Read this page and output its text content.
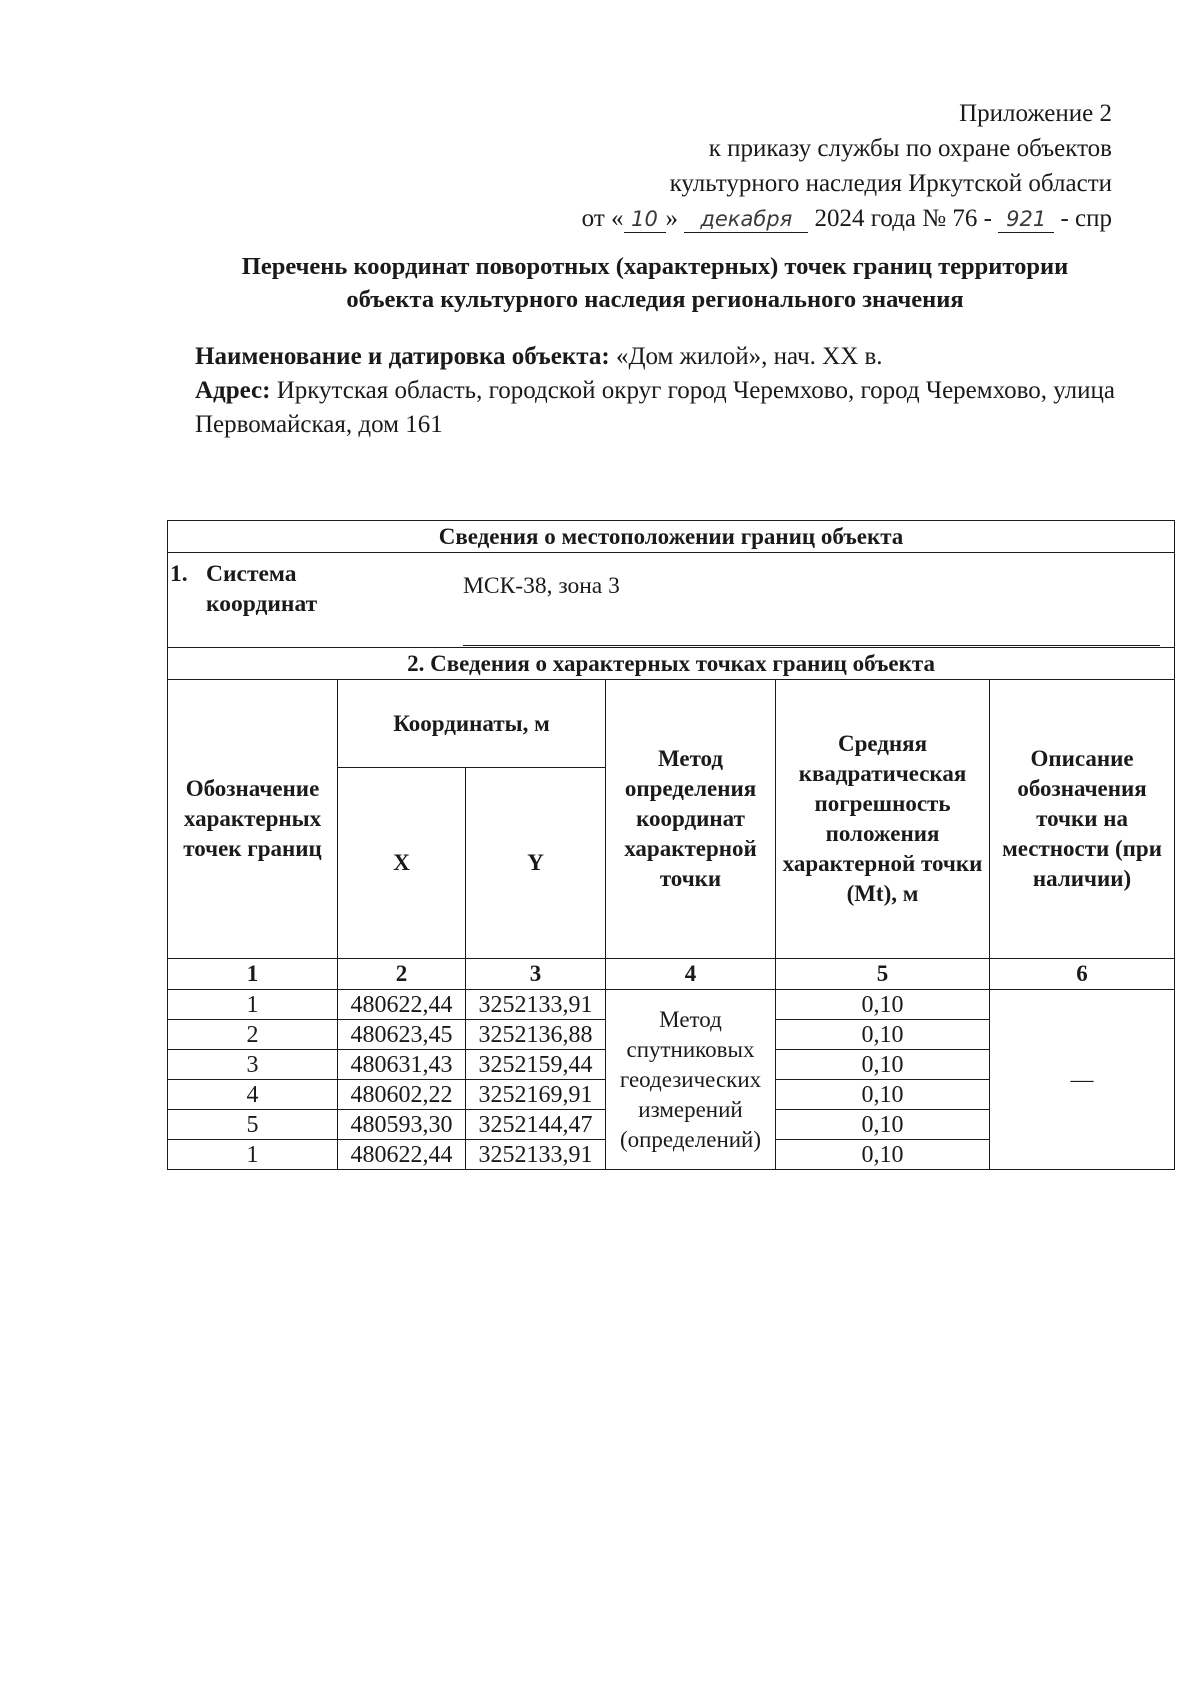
Приложение 2
к приказу службы по охране объектов
культурного наследия Иркутской области
от « 10 » декабря 2024 года № 76 - 921 - спр
Перечень координат поворотных (характерных) точек границ территории
объекта культурного наследия регионального значения
Наименование и датировка объекта: «Дом жилой», нач. XX в.
Адрес: Иркутская область, городской округ город Черемхово, город Черемхово, улица Первомайская, дом 161
Сведения о местоположении границ объекта					

1. Система координат
МСК-38, зона 3					

2. Сведения о характерных точках границ объекта					
Обозначение характерных точек границ	Координаты, м		Метод определения координат характерной точки	Средняя квадратическая погрешность положения характерной точки (Mt), м	Описание обозначения точки на местности (при наличии)
	X	Y			
1	2	3	4	5	6
1	480622,44	3252133,91	Метод спутниковых геодезических измерений (определений)	0,10	—
2	480623,45	3252136,88		0,10	
3	480631,43	3252159,44		0,10	
4	480602,22	3252169,91		0,10	
5	480593,30	3252144,47		0,10	
1	480622,44	3252133,91		0,10	
